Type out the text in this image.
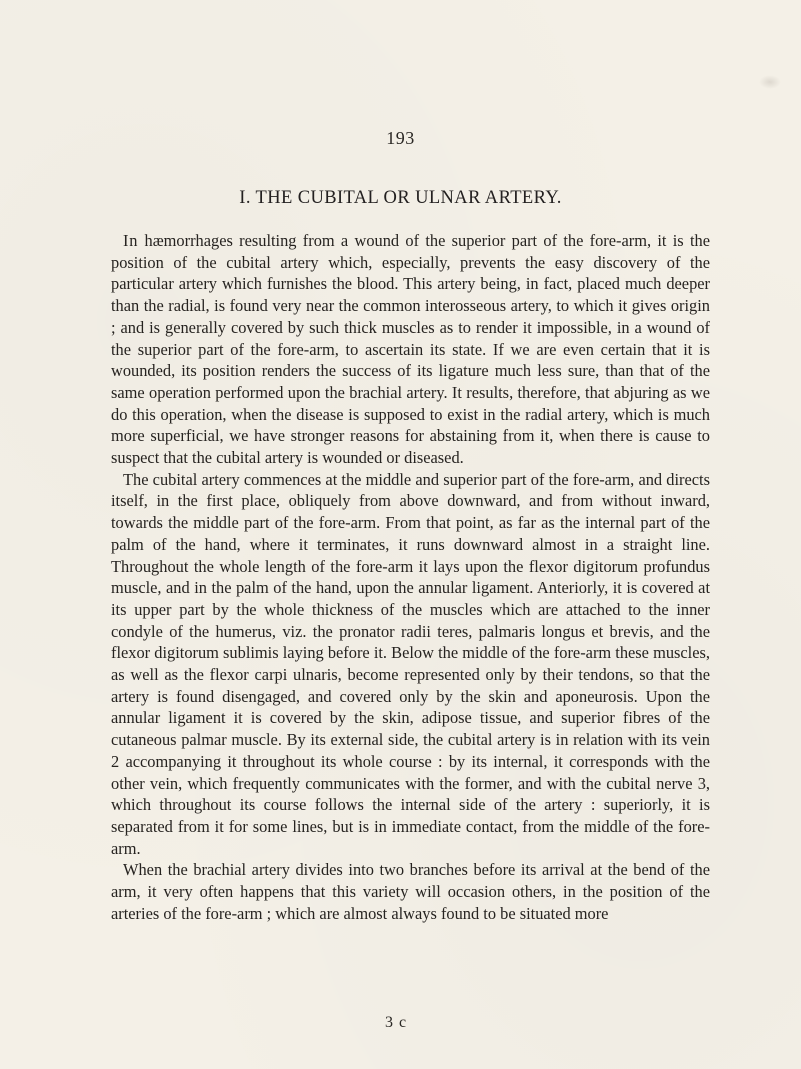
193
I. THE CUBITAL OR ULNAR ARTERY.

In hæmorrhages resulting from a wound of the superior part of the fore-arm, it is the position of the cubital artery which, especially, prevents the easy discovery of the particular artery which furnishes the blood. This artery being, in fact, placed much deeper than the radial, is found very near the common interosseous artery, to which it gives origin ; and is generally covered by such thick muscles as to render it impossible, in a wound of the superior part of the fore-arm, to ascertain its state. If we are even certain that it is wounded, its position renders the success of its ligature much less sure, than that of the same operation performed upon the brachial artery. It results, therefore, that abjuring as we do this operation, when the disease is supposed to exist in the radial artery, which is much more superficial, we have stronger reasons for abstaining from it, when there is cause to suspect that the cubital artery is wounded or diseased.

The cubital artery commences at the middle and superior part of the fore-arm, and directs itself, in the first place, obliquely from above downward, and from without inward, towards the middle part of the fore-arm. From that point, as far as the internal part of the palm of the hand, where it terminates, it runs downward almost in a straight line. Throughout the whole length of the fore-arm it lays upon the flexor digitorum profundus muscle, and in the palm of the hand, upon the annular ligament. Anteriorly, it is covered at its upper part by the whole thickness of the muscles which are attached to the inner condyle of the humerus, viz. the pronator radii teres, palmaris longus et brevis, and the flexor digitorum sublimis laying before it. Below the middle of the fore-arm these muscles, as well as the flexor carpi ulnaris, become represented only by their tendons, so that the artery is found disengaged, and covered only by the skin and aponeurosis. Upon the annular ligament it is covered by the skin, adipose tissue, and superior fibres of the cutaneous palmar muscle. By its external side, the cubital artery is in relation with its vein 2 accompanying it throughout its whole course : by its internal, it corresponds with the other vein, which frequently communicates with the former, and with the cubital nerve 3, which throughout its course follows the internal side of the artery : superiorly, it is separated from it for some lines, but is in immediate contact, from the middle of the fore-arm.

When the brachial artery divides into two branches before its arrival at the bend of the arm, it very often happens that this variety will occasion others, in the position of the arteries of the fore-arm ; which are almost always found to be situated more

3 c
